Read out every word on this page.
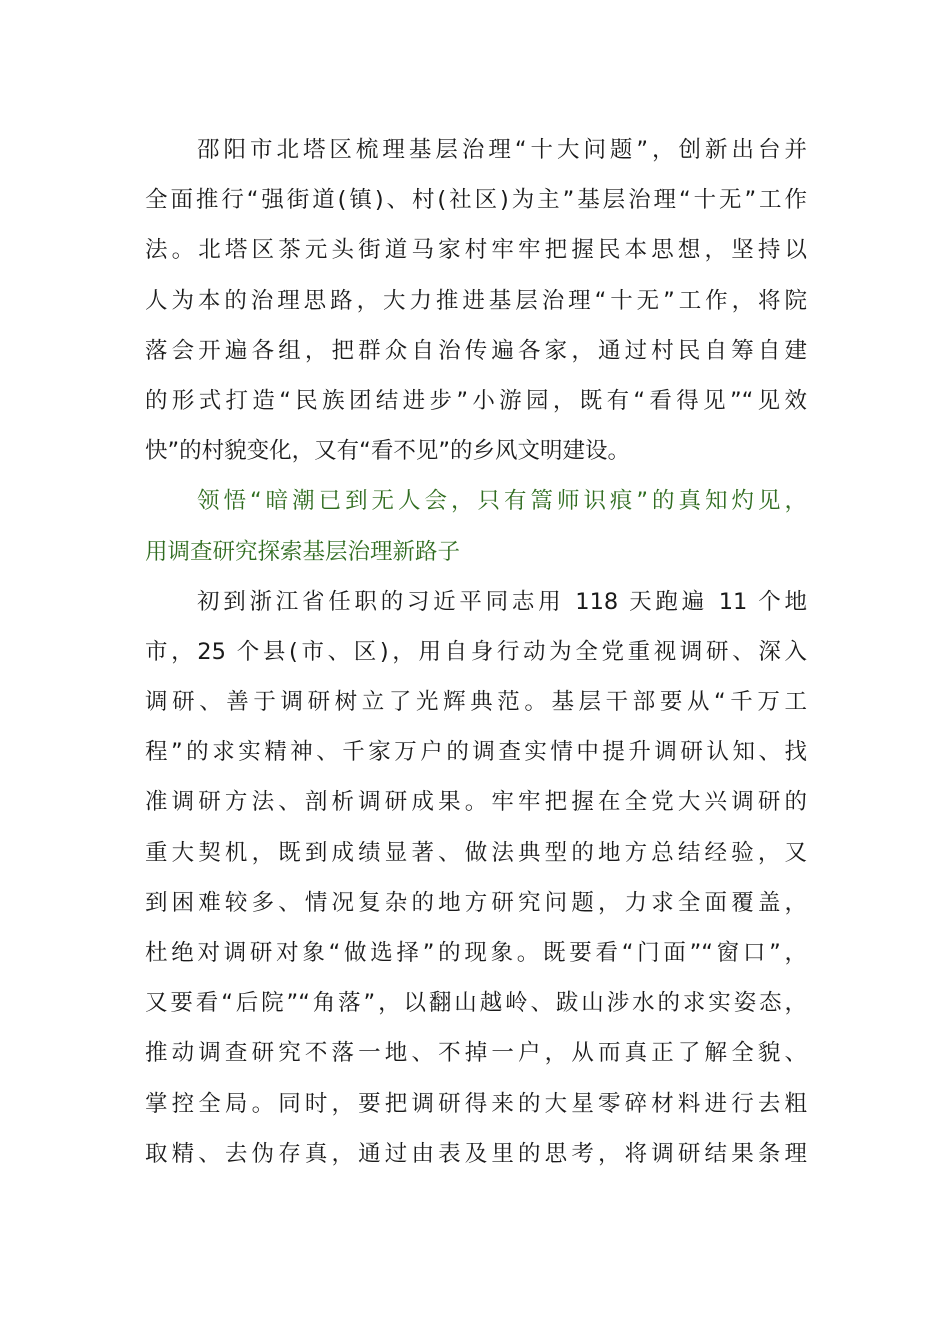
邵阳市北塔区梳理基层治理“十大问题”，创新出台并
全面推行“强街道(镇)、村(社区)为主”基层治理“十无”工作
法。北塔区茶元头街道马家村牢牢把握民本思想，坚持以
人为本的治理思路，大力推进基层治理“十无”工作，将院
落会开遍各组，把群众自治传遍各家，通过村民自筹自建
的形式打造“民族团结进步”小游园，既有“看得见”“见效
快”的村貌变化，又有“看不见”的乡风文明建设。
领悟“暗潮已到无人会，只有篙师识痕”的真知灼见，
用调查研究探索基层治理新路子
初到浙江省任职的习近平同志用 118 天跑遍 11 个地
市，25 个县(市、区)，用自身行动为全党重视调研、深入
调研、善于调研树立了光辉典范。基层干部要从“千万工
程”的求实精神、千家万户的调查实情中提升调研认知、找
准调研方法、剖析调研成果。牢牢把握在全党大兴调研的
重大契机，既到成绩显著、做法典型的地方总结经验，又
到困难较多、情况复杂的地方研究问题，力求全面覆盖，
杜绝对调研对象“做选择”的现象。既要看“门面”“窗口”，
又要看“后院”“角落”，以翻山越岭、跋山涉水的求实姿态，
推动调查研究不落一地、不掉一户，从而真正了解全貌、
掌控全局。同时，要把调研得来的大星零碎材料进行去粗
取精、去伪存真，通过由表及里的思考，将调研结果条理
